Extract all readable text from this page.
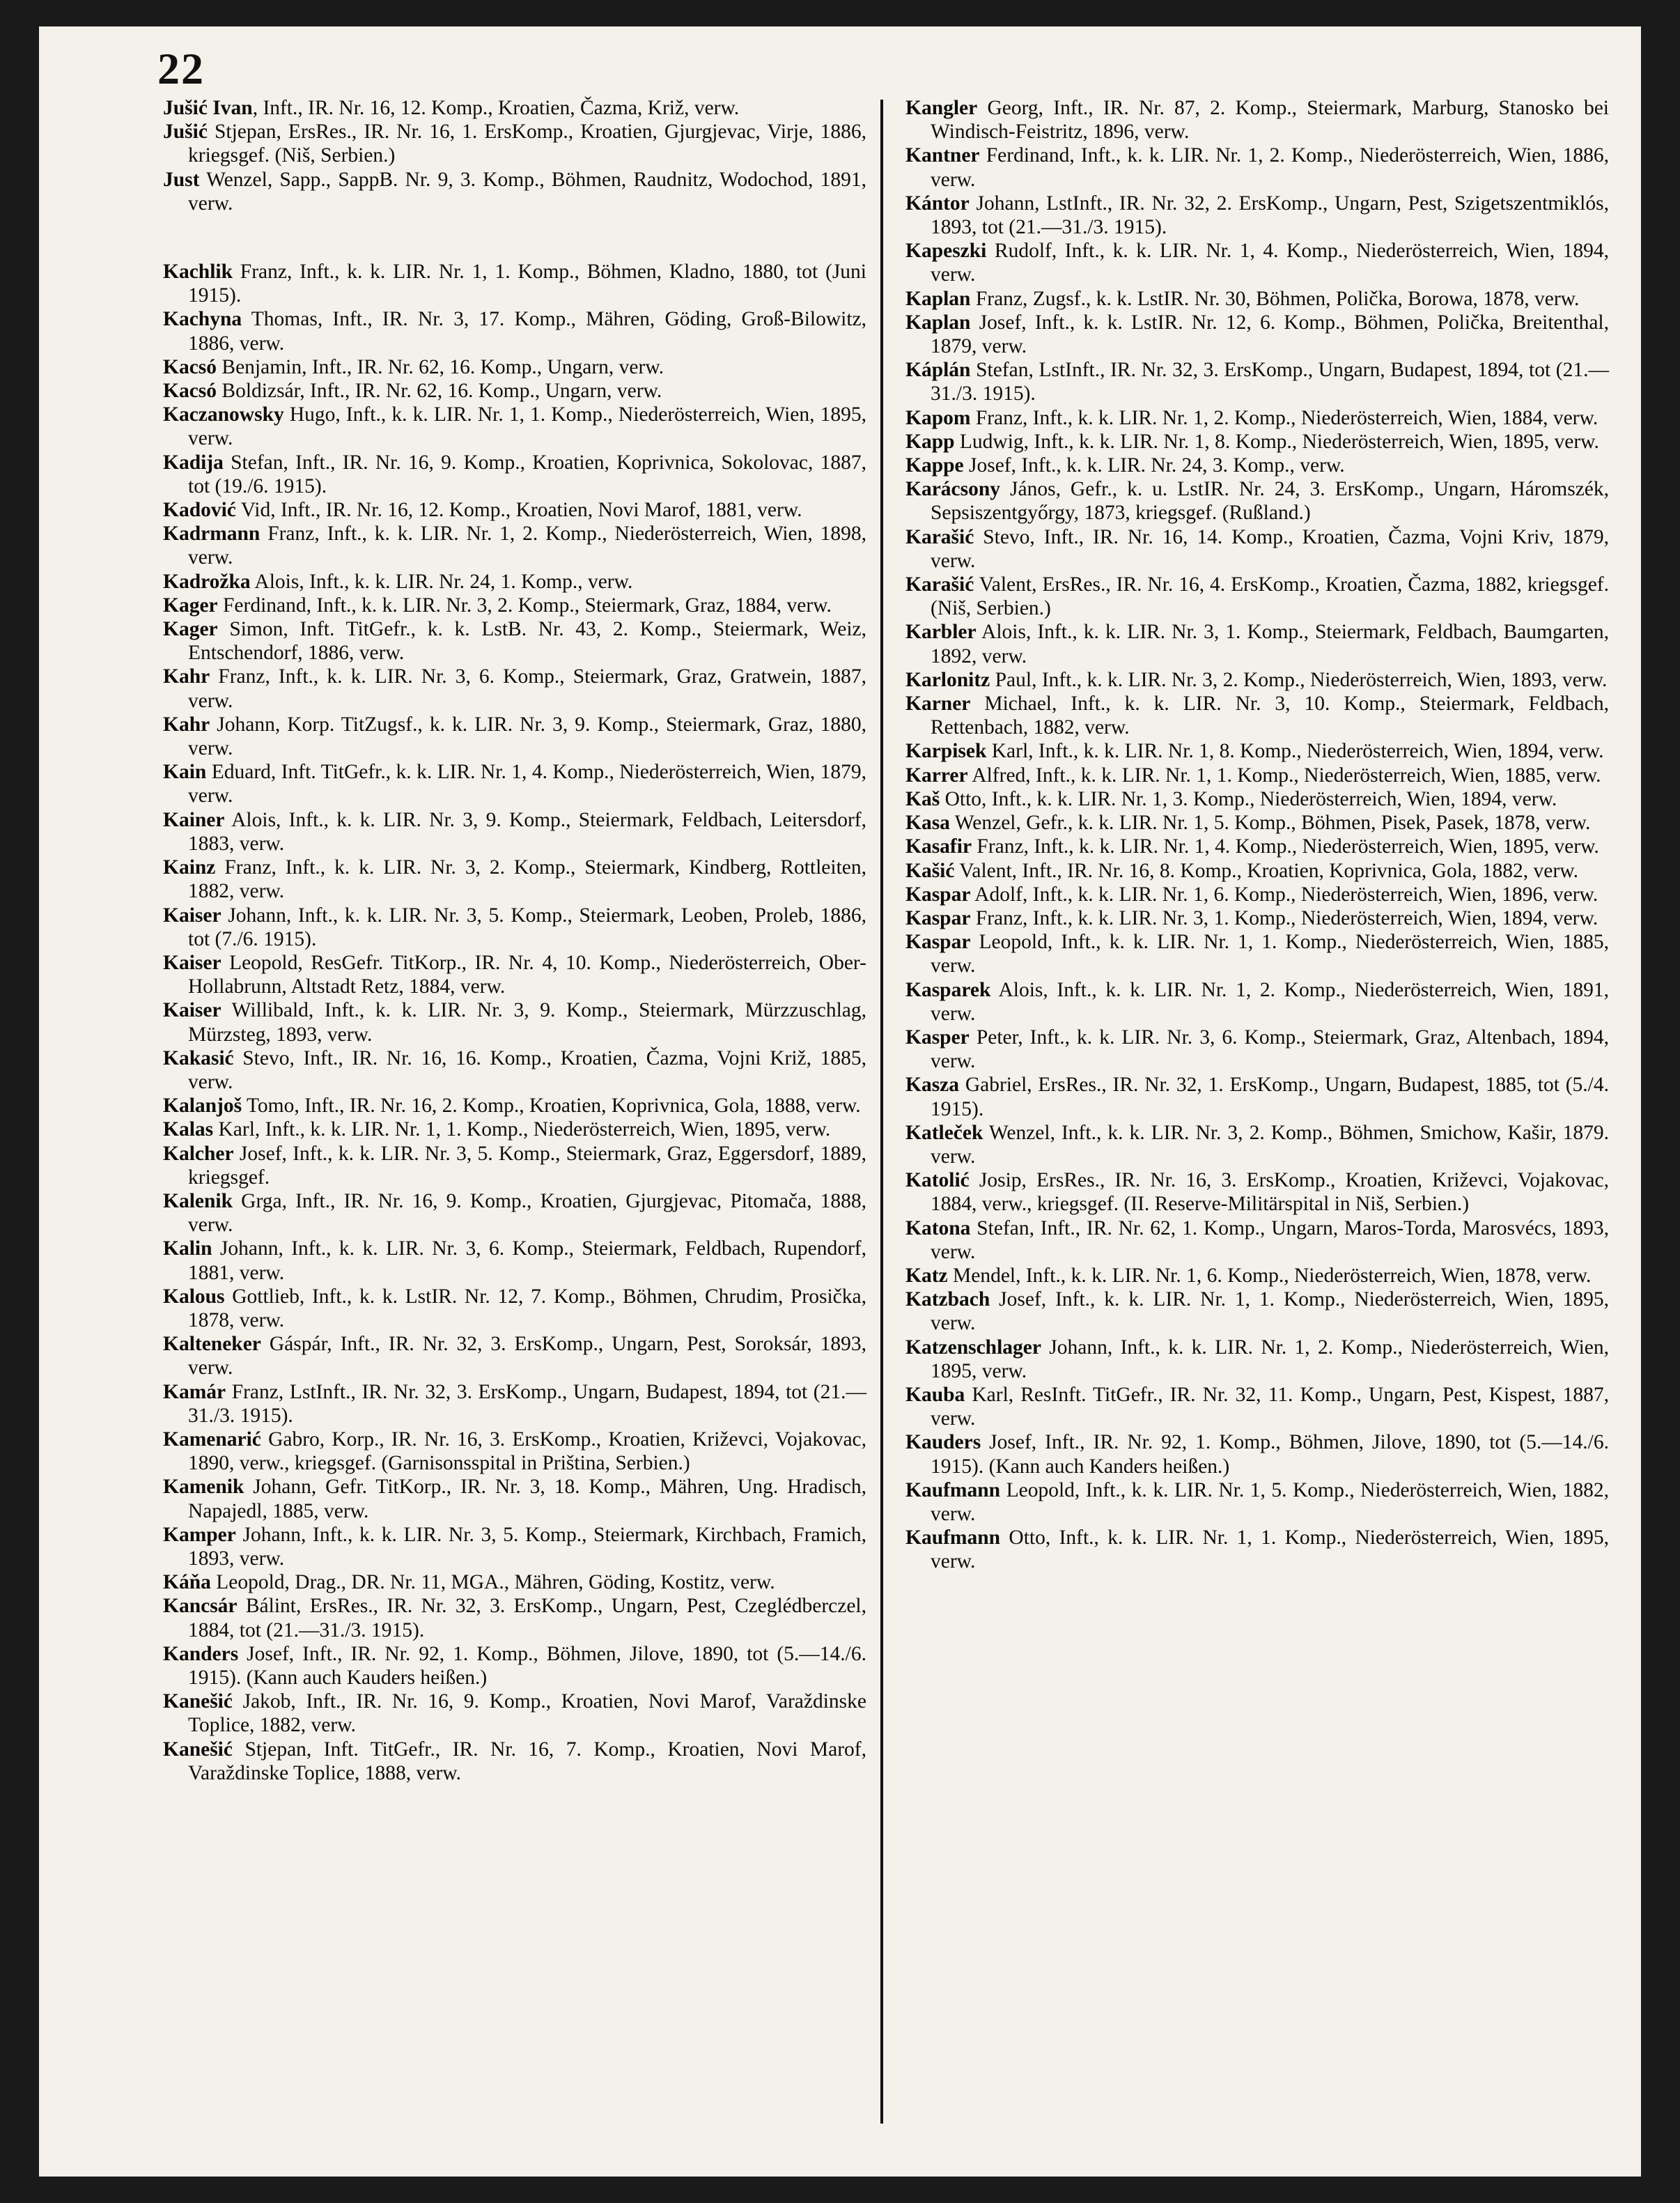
22

Jušić Ivan, Inft., IR. Nr. 16, 12. Komp., Kroatien, Čazma, Križ, verw.

Jušić Stjepan, ErsRes., IR. Nr. 16, 1. ErsKomp., Kroatien, Gjurgjevac, Virje, 1886, kriegsgef. (Niš, Serbien.)

Just Wenzel, Sapp., SappB. Nr. 9, 3. Komp., Böhmen, Raudnitz, Wodochod, 1891, verw.

Kachlik Franz, Inft., k. k. LIR. Nr. 1, 1. Komp., Böhmen, Kladno, 1880, tot (Juni 1915).

Kachyna Thomas, Inft., IR. Nr. 3, 17. Komp., Mähren, Göding, Groß-Bilowitz, 1886, verw.

Kacsó Benjamin, Inft., IR. Nr. 62, 16. Komp., Ungarn, verw.

Kacsó Boldizsár, Inft., IR. Nr. 62, 16. Komp., Ungarn, verw.

Kaczanowsky Hugo, Inft., k. k. LIR. Nr. 1, 1. Komp., Niederösterreich, Wien, 1895, verw.

Kadija Stefan, Inft., IR. Nr. 16, 9. Komp., Kroatien, Koprivnica, Sokolovac, 1887, tot (19./6. 1915).

Kadović Vid, Inft., IR. Nr. 16, 12. Komp., Kroatien, Novi Marof, 1881, verw.

Kadrmann Franz, Inft., k. k. LIR. Nr. 1, 2. Komp., Niederösterreich, Wien, 1898, verw.

Kadrožka Alois, Inft., k. k. LIR. Nr. 24, 1. Komp., verw.

Kager Ferdinand, Inft., k. k. LIR. Nr. 3, 2. Komp., Steiermark, Graz, 1884, verw.

Kager Simon, Inft. TitGefr., k. k. LstB. Nr. 43, 2. Komp., Steiermark, Weiz, Entschendorf, 1886, verw.

Kahr Franz, Inft., k. k. LIR. Nr. 3, 6. Komp., Steiermark, Graz, Gratwein, 1887, verw.

Kahr Johann, Korp. TitZugsf., k. k. LIR. Nr. 3, 9. Komp., Steiermark, Graz, 1880, verw.

Kain Eduard, Inft. TitGefr., k. k. LIR. Nr. 1, 4. Komp., Niederösterreich, Wien, 1879, verw.

Kainer Alois, Inft., k. k. LIR. Nr. 3, 9. Komp., Steiermark, Feldbach, Leitersdorf, 1883, verw.

Kainz Franz, Inft., k. k. LIR. Nr. 3, 2. Komp., Steiermark, Kindberg, Rottleiten, 1882, verw.

Kaiser Johann, Inft., k. k. LIR. Nr. 3, 5. Komp., Steiermark, Leoben, Proleb, 1886, tot (7./6. 1915).

Kaiser Leopold, ResGefr. TitKorp., IR. Nr. 4, 10. Komp., Niederösterreich, Ober-Hollabrunn, Altstadt Retz, 1884, verw.

Kaiser Willibald, Inft., k. k. LIR. Nr. 3, 9. Komp., Steiermark, Mürzzuschlag, Mürzsteg, 1893, verw.

Kakasić Stevo, Inft., IR. Nr. 16, 16. Komp., Kroatien, Čazma, Vojni Križ, 1885, verw.

Kalanjoš Tomo, Inft., IR. Nr. 16, 2. Komp., Kroatien, Koprivnica, Gola, 1888, verw.

Kalas Karl, Inft., k. k. LIR. Nr. 1, 1. Komp., Niederösterreich, Wien, 1895, verw.

Kalcher Josef, Inft., k. k. LIR. Nr. 3, 5. Komp., Steiermark, Graz, Eggersdorf, 1889, kriegsgef.

Kalenik Grga, Inft., IR. Nr. 16, 9. Komp., Kroatien, Gjurgjevac, Pitomača, 1888, verw.

Kalin Johann, Inft., k. k. LIR. Nr. 3, 6. Komp., Steiermark, Feldbach, Rupendorf, 1881, verw.

Kalous Gottlieb, Inft., k. k. LstIR. Nr. 12, 7. Komp., Böhmen, Chrudim, Prosička, 1878, verw.

Kalteneker Gáspár, Inft., IR. Nr. 32, 3. ErsKomp., Ungarn, Pest, Soroksár, 1893, verw.

Kamár Franz, LstInft., IR. Nr. 32, 3. ErsKomp., Ungarn, Budapest, 1894, tot (21.—31./3. 1915).

Kamenarić Gabro, Korp., IR. Nr. 16, 3. ErsKomp., Kroatien, Križevci, Vojakovac, 1890, verw., kriegsgef. (Garnisonsspital in Priština, Serbien.)

Kamenik Johann, Gefr. TitKorp., IR. Nr. 3, 18. Komp., Mähren, Ung. Hradisch, Napajedl, 1885, verw.

Kamper Johann, Inft., k. k. LIR. Nr. 3, 5. Komp., Steiermark, Kirchbach, Framich, 1893, verw.

Káňa Leopold, Drag., DR. Nr. 11, MGA., Mähren, Göding, Kostitz, verw.

Kancsár Bálint, ErsRes., IR. Nr. 32, 3. ErsKomp., Ungarn, Pest, Czeglédberczel, 1884, tot (21.—31./3. 1915).

Kanders Josef, Inft., IR. Nr. 92, 1. Komp., Böhmen, Jilove, 1890, tot (5.—14./6. 1915). (Kann auch Kauders heißen.)

Kanešić Jakob, Inft., IR. Nr. 16, 9. Komp., Kroatien, Novi Marof, Varaždinske Toplice, 1882, verw.

Kanešić Stjepan, Inft. TitGefr., IR. Nr. 16, 7. Komp., Kroatien, Novi Marof, Varaždinske Toplice, 1888, verw.

Kangler Georg, Inft., IR. Nr. 87, 2. Komp., Steiermark, Marburg, Stanosko bei Windisch-Feistritz, 1896, verw.

Kantner Ferdinand, Inft., k. k. LIR. Nr. 1, 2. Komp., Niederösterreich, Wien, 1886, verw.

Kántor Johann, LstInft., IR. Nr. 32, 2. ErsKomp., Ungarn, Pest, Szigetszentmiklós, 1893, tot (21.—31./3. 1915).

Kapeszki Rudolf, Inft., k. k. LIR. Nr. 1, 4. Komp., Niederösterreich, Wien, 1894, verw.

Kaplan Franz, Zugsf., k. k. LstIR. Nr. 30, Böhmen, Polička, Borowa, 1878, verw.

Kaplan Josef, Inft., k. k. LstIR. Nr. 12, 6. Komp., Böhmen, Polička, Breitenthal, 1879, verw.

Káplán Stefan, LstInft., IR. Nr. 32, 3. ErsKomp., Ungarn, Budapest, 1894, tot (21.—31./3. 1915).

Kapom Franz, Inft., k. k. LIR. Nr. 1, 2. Komp., Niederösterreich, Wien, 1884, verw.

Kapp Ludwig, Inft., k. k. LIR. Nr. 1, 8. Komp., Niederösterreich, Wien, 1895, verw.

Kappe Josef, Inft., k. k. LIR. Nr. 24, 3. Komp., verw.

Karácsony János, Gefr., k. u. LstIR. Nr. 24, 3. ErsKomp., Ungarn, Háromszék, Sepsiszentgyőrgy, 1873, kriegsgef. (Rußland.)

Karašić Stevo, Inft., IR. Nr. 16, 14. Komp., Kroatien, Čazma, Vojni Kriv, 1879, verw.

Karašić Valent, ErsRes., IR. Nr. 16, 4. ErsKomp., Kroatien, Čazma, 1882, kriegsgef. (Niš, Serbien.)

Karbler Alois, Inft., k. k. LIR. Nr. 3, 1. Komp., Steiermark, Feldbach, Baumgarten, 1892, verw.

Karlonitz Paul, Inft., k. k. LIR. Nr. 3, 2. Komp., Niederösterreich, Wien, 1893, verw.

Karner Michael, Inft., k. k. LIR. Nr. 3, 10. Komp., Steiermark, Feldbach, Rettenbach, 1882, verw.

Karpisek Karl, Inft., k. k. LIR. Nr. 1, 8. Komp., Niederösterreich, Wien, 1894, verw.

Karrer Alfred, Inft., k. k. LIR. Nr. 1, 1. Komp., Niederösterreich, Wien, 1885, verw.

Kaš Otto, Inft., k. k. LIR. Nr. 1, 3. Komp., Niederösterreich, Wien, 1894, verw.

Kasa Wenzel, Gefr., k. k. LIR. Nr. 1, 5. Komp., Böhmen, Pisek, Pasek, 1878, verw.

Kasafir Franz, Inft., k. k. LIR. Nr. 1, 4. Komp., Niederösterreich, Wien, 1895, verw.

Kašić Valent, Inft., IR. Nr. 16, 8. Komp., Kroatien, Koprivnica, Gola, 1882, verw.

Kaspar Adolf, Inft., k. k. LIR. Nr. 1, 6. Komp., Niederösterreich, Wien, 1896, verw.

Kaspar Franz, Inft., k. k. LIR. Nr. 3, 1. Komp., Niederösterreich, Wien, 1894, verw.

Kaspar Leopold, Inft., k. k. LIR. Nr. 1, 1. Komp., Niederösterreich, Wien, 1885, verw.

Kasparek Alois, Inft., k. k. LIR. Nr. 1, 2. Komp., Niederösterreich, Wien, 1891, verw.

Kasper Peter, Inft., k. k. LIR. Nr. 3, 6. Komp., Steiermark, Graz, Altenbach, 1894, verw.

Kasza Gabriel, ErsRes., IR. Nr. 32, 1. ErsKomp., Ungarn, Budapest, 1885, tot (5./4. 1915).

Katleček Wenzel, Inft., k. k. LIR. Nr. 3, 2. Komp., Böhmen, Smichow, Kašir, 1879. verw.

Katolić Josip, ErsRes., IR. Nr. 16, 3. ErsKomp., Kroatien, Križevci, Vojakovac, 1884, verw., kriegsgef. (II. Reserve-Militärspital in Niš, Serbien.)

Katona Stefan, Inft., IR. Nr. 62, 1. Komp., Ungarn, Maros-Torda, Marosvécs, 1893, verw.

Katz Mendel, Inft., k. k. LIR. Nr. 1, 6. Komp., Niederösterreich, Wien, 1878, verw.

Katzbach Josef, Inft., k. k. LIR. Nr. 1, 1. Komp., Niederösterreich, Wien, 1895, verw.

Katzenschlager Johann, Inft., k. k. LIR. Nr. 1, 2. Komp., Niederösterreich, Wien, 1895, verw.

Kauba Karl, ResInft. TitGefr., IR. Nr. 32, 11. Komp., Ungarn, Pest, Kispest, 1887, verw.

Kauders Josef, Inft., IR. Nr. 92, 1. Komp., Böhmen, Jilove, 1890, tot (5.—14./6. 1915). (Kann auch Kanders heißen.)

Kaufmann Leopold, Inft., k. k. LIR. Nr. 1, 5. Komp., Niederösterreich, Wien, 1882, verw.

Kaufmann Otto, Inft., k. k. LIR. Nr. 1, 1. Komp., Niederösterreich, Wien, 1895, verw.
